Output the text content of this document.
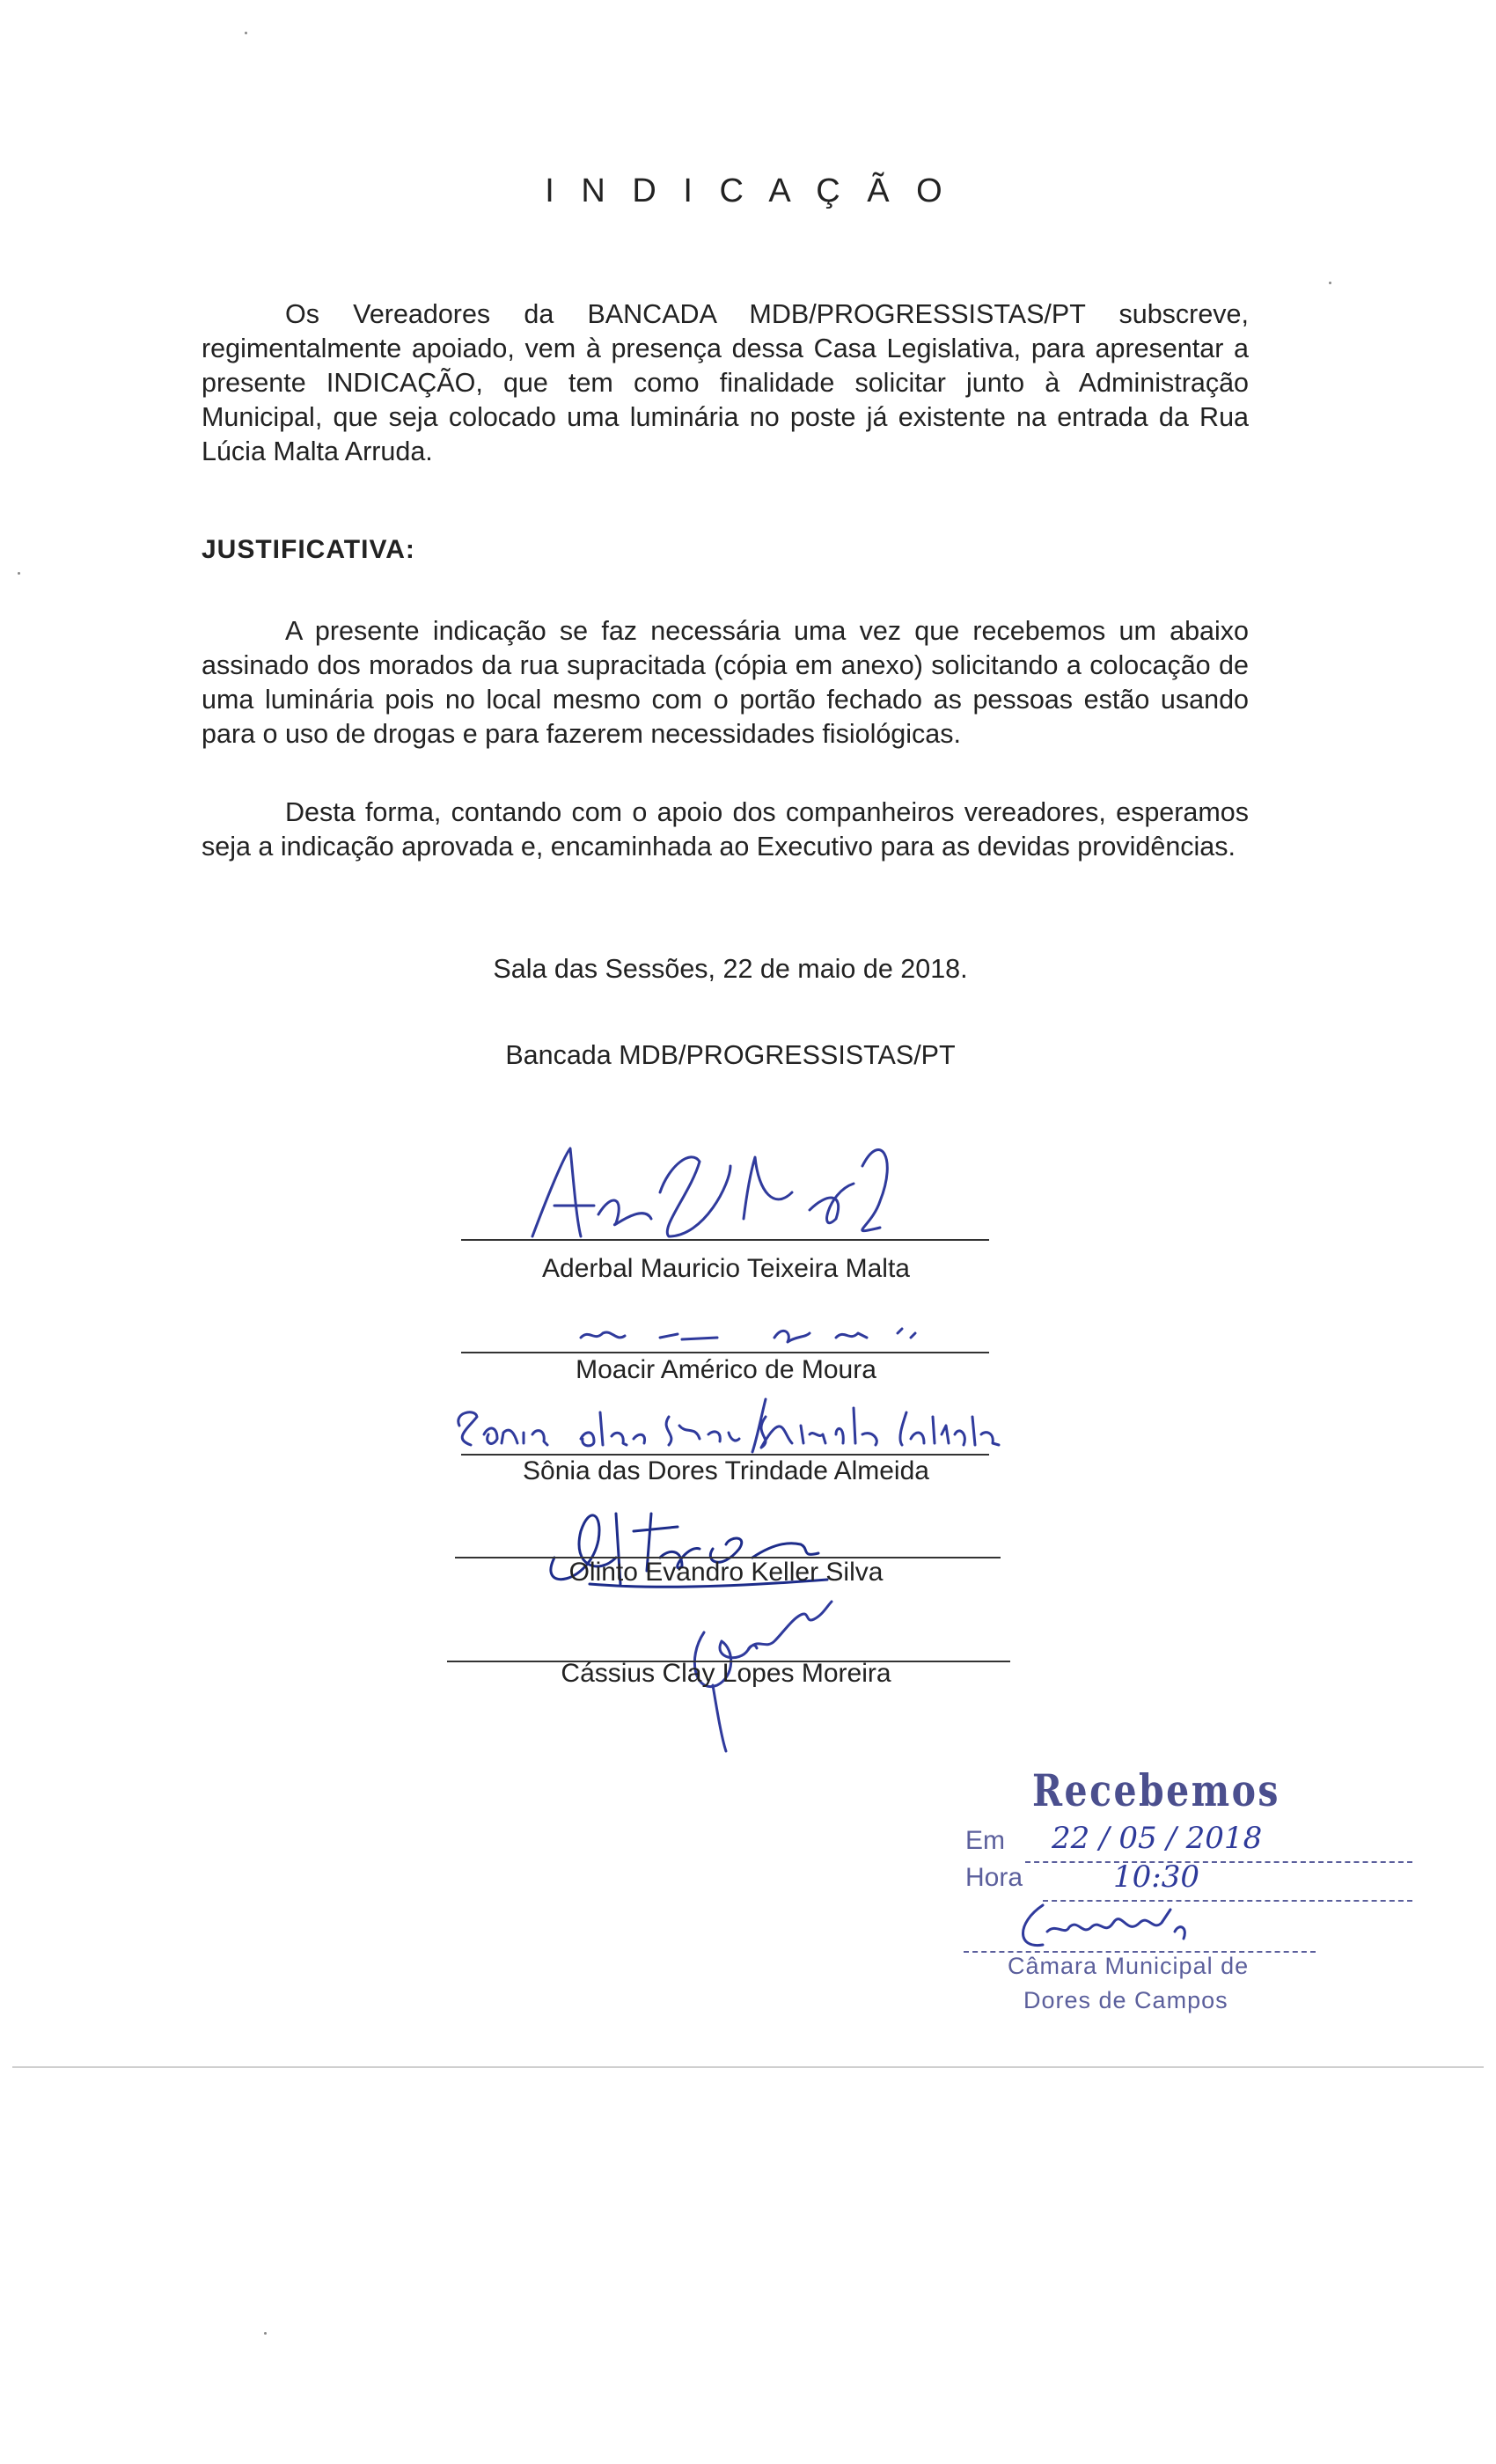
I N D I C A Ç Ã O
Os Vereadores da BANCADA MDB/PROGRESSISTAS/PT subscreve, regimentalmente apoiado, vem à presença dessa Casa Legislativa, para apresentar a presente INDICAÇÃO, que tem como finalidade solicitar junto à Administração Municipal, que seja colocado uma luminária no poste já existente na entrada da Rua Lúcia Malta Arruda.
JUSTIFICATIVA:
A presente indicação se faz necessária uma vez que recebemos um abaixo assinado dos morados da rua supracitada (cópia em anexo) solicitando a colocação de uma luminária pois no local mesmo com o portão fechado as pessoas estão usando para o uso de drogas e para fazerem necessidades fisiológicas.
Desta forma, contando com o apoio dos companheiros vereadores, esperamos seja a indicação aprovada e, encaminhada ao Executivo para as devidas providências.
Sala das Sessões, 22 de maio de 2018.
Bancada MDB/PROGRESSISTAS/PT
Aderbal Mauricio Teixeira Malta
Moacir Américo de Moura
Sônia das Dores Trindade Almeida
Olinto Evandro Keller Silva
Cássius Clay Lopes Moreira
Recebemos
Em 22 / 05 / 2018
Hora	10:30
Câmara Municipal de
Dores de Campos
